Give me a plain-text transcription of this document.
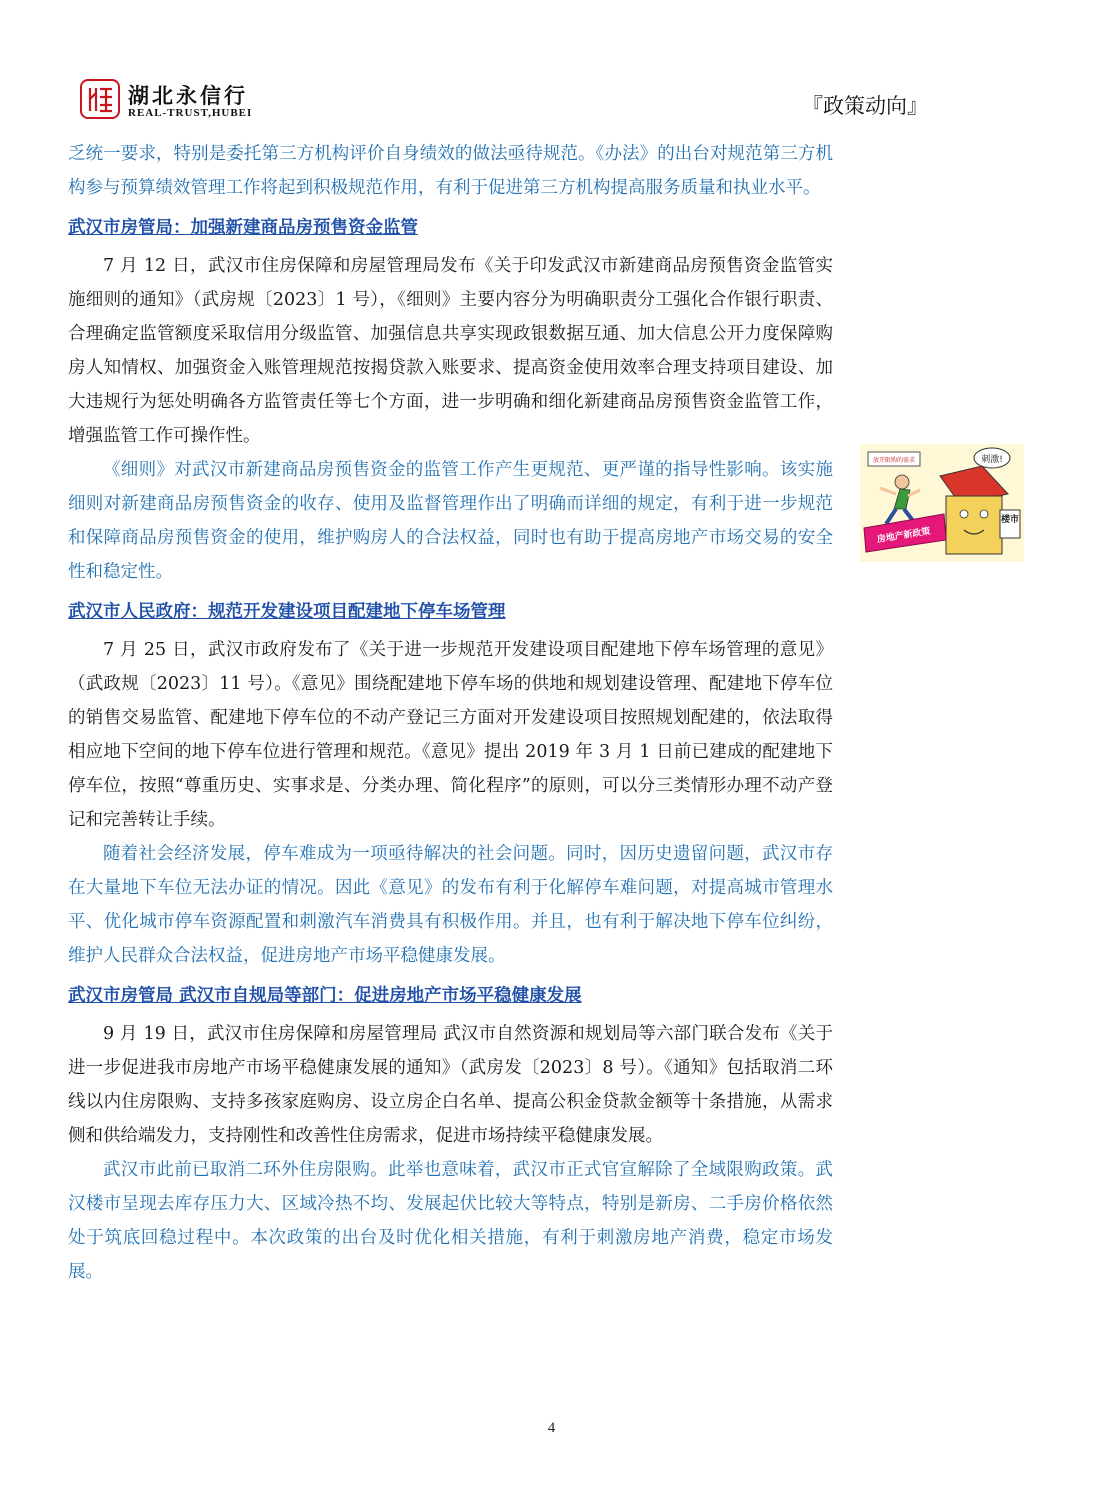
湖北永信行
REAL-TRUST,HUBEI	『政策动向』

乏统一要求，特别是委托第三方机构评价自身绩效的做法亟待规范。《办法》的出台对规范第三方机构参与预算绩效管理工作将起到积极规范作用，有利于促进第三方机构提高服务质量和执业水平。

武汉市房管局：加强新建商品房预售资金监管

7 月 12 日，武汉市住房保障和房屋管理局发布《关于印发武汉市新建商品房预售资金监管实施细则的通知》（武房规〔2023〕1 号），《细则》主要内容分为明确职责分工强化合作银行职责、合理确定监管额度采取信用分级监管、加强信息共享实现政银数据互通、加大信息公开力度保障购房人知情权、加强资金入账管理规范按揭贷款入账要求、提高资金使用效率合理支持项目建设、加大违规行为惩处明确各方监管责任等七个方面，进一步明确和细化新建商品房预售资金监管工作，增强监管工作可操作性。

《细则》对武汉市新建商品房预售资金的监管工作产生更规范、更严谨的指导性影响。该实施细则对新建商品房预售资金的收存、使用及监督管理作出了明确而详细的规定，有利于进一步规范和保障商品房预售资金的使用，维护购房人的合法权益，同时也有助于提高房地产市场交易的安全性和稳定性。

武汉市人民政府：规范开发建设项目配建地下停车场管理

7 月 25 日，武汉市政府发布了《关于进一步规范开发建设项目配建地下停车场管理的意见》（武政规〔2023〕11 号）。《意见》围绕配建地下停车场的供地和规划建设管理、配建地下停车位的销售交易监管、配建地下停车位的不动产登记三方面对开发建设项目按照规划配建的，依法取得相应地下空间的地下停车位进行管理和规范。《意见》提出 2019 年 3 月 1 日前已建成的配建地下停车位，按照“尊重历史、实事求是、分类办理、简化程序”的原则，可以分三类情形办理不动产登记和完善转让手续。

随着社会经济发展，停车难成为一项亟待解决的社会问题。同时，因历史遗留问题，武汉市存在大量地下车位无法办证的情况。因此《意见》的发布有利于化解停车难问题，对提高城市管理水平、优化城市停车资源配置和刺激汽车消费具有积极作用。并且，也有利于解决地下停车位纠纷，维护人民群众合法权益，促进房地产市场平稳健康发展。

武汉市房管局 武汉市自规局等部门：促进房地产市场平稳健康发展

9 月 19 日，武汉市住房保障和房屋管理局 武汉市自然资源和规划局等六部门联合发布《关于进一步促进我市房地产市场平稳健康发展的通知》（武房发〔2023〕8 号）。《通知》包括取消二环线以内住房限购、支持多孩家庭购房、设立房企白名单、提高公积金贷款金额等十条措施，从需求侧和供给端发力，支持刚性和改善性住房需求，促进市场持续平稳健康发展。

武汉市此前已取消二环外住房限购。此举也意味着，武汉市正式官宣解除了全域限购政策。武汉楼市呈现去库存压力大、区域冷热不均、发展起伏比较大等特点，特别是新房、二手房价格依然处于筑底回稳过程中。本次政策的出台及时优化相关措施，有利于刺激房地产消费，稳定市场发展。

放开限购的需求	刺激!
楼市
房地产新政策
4
